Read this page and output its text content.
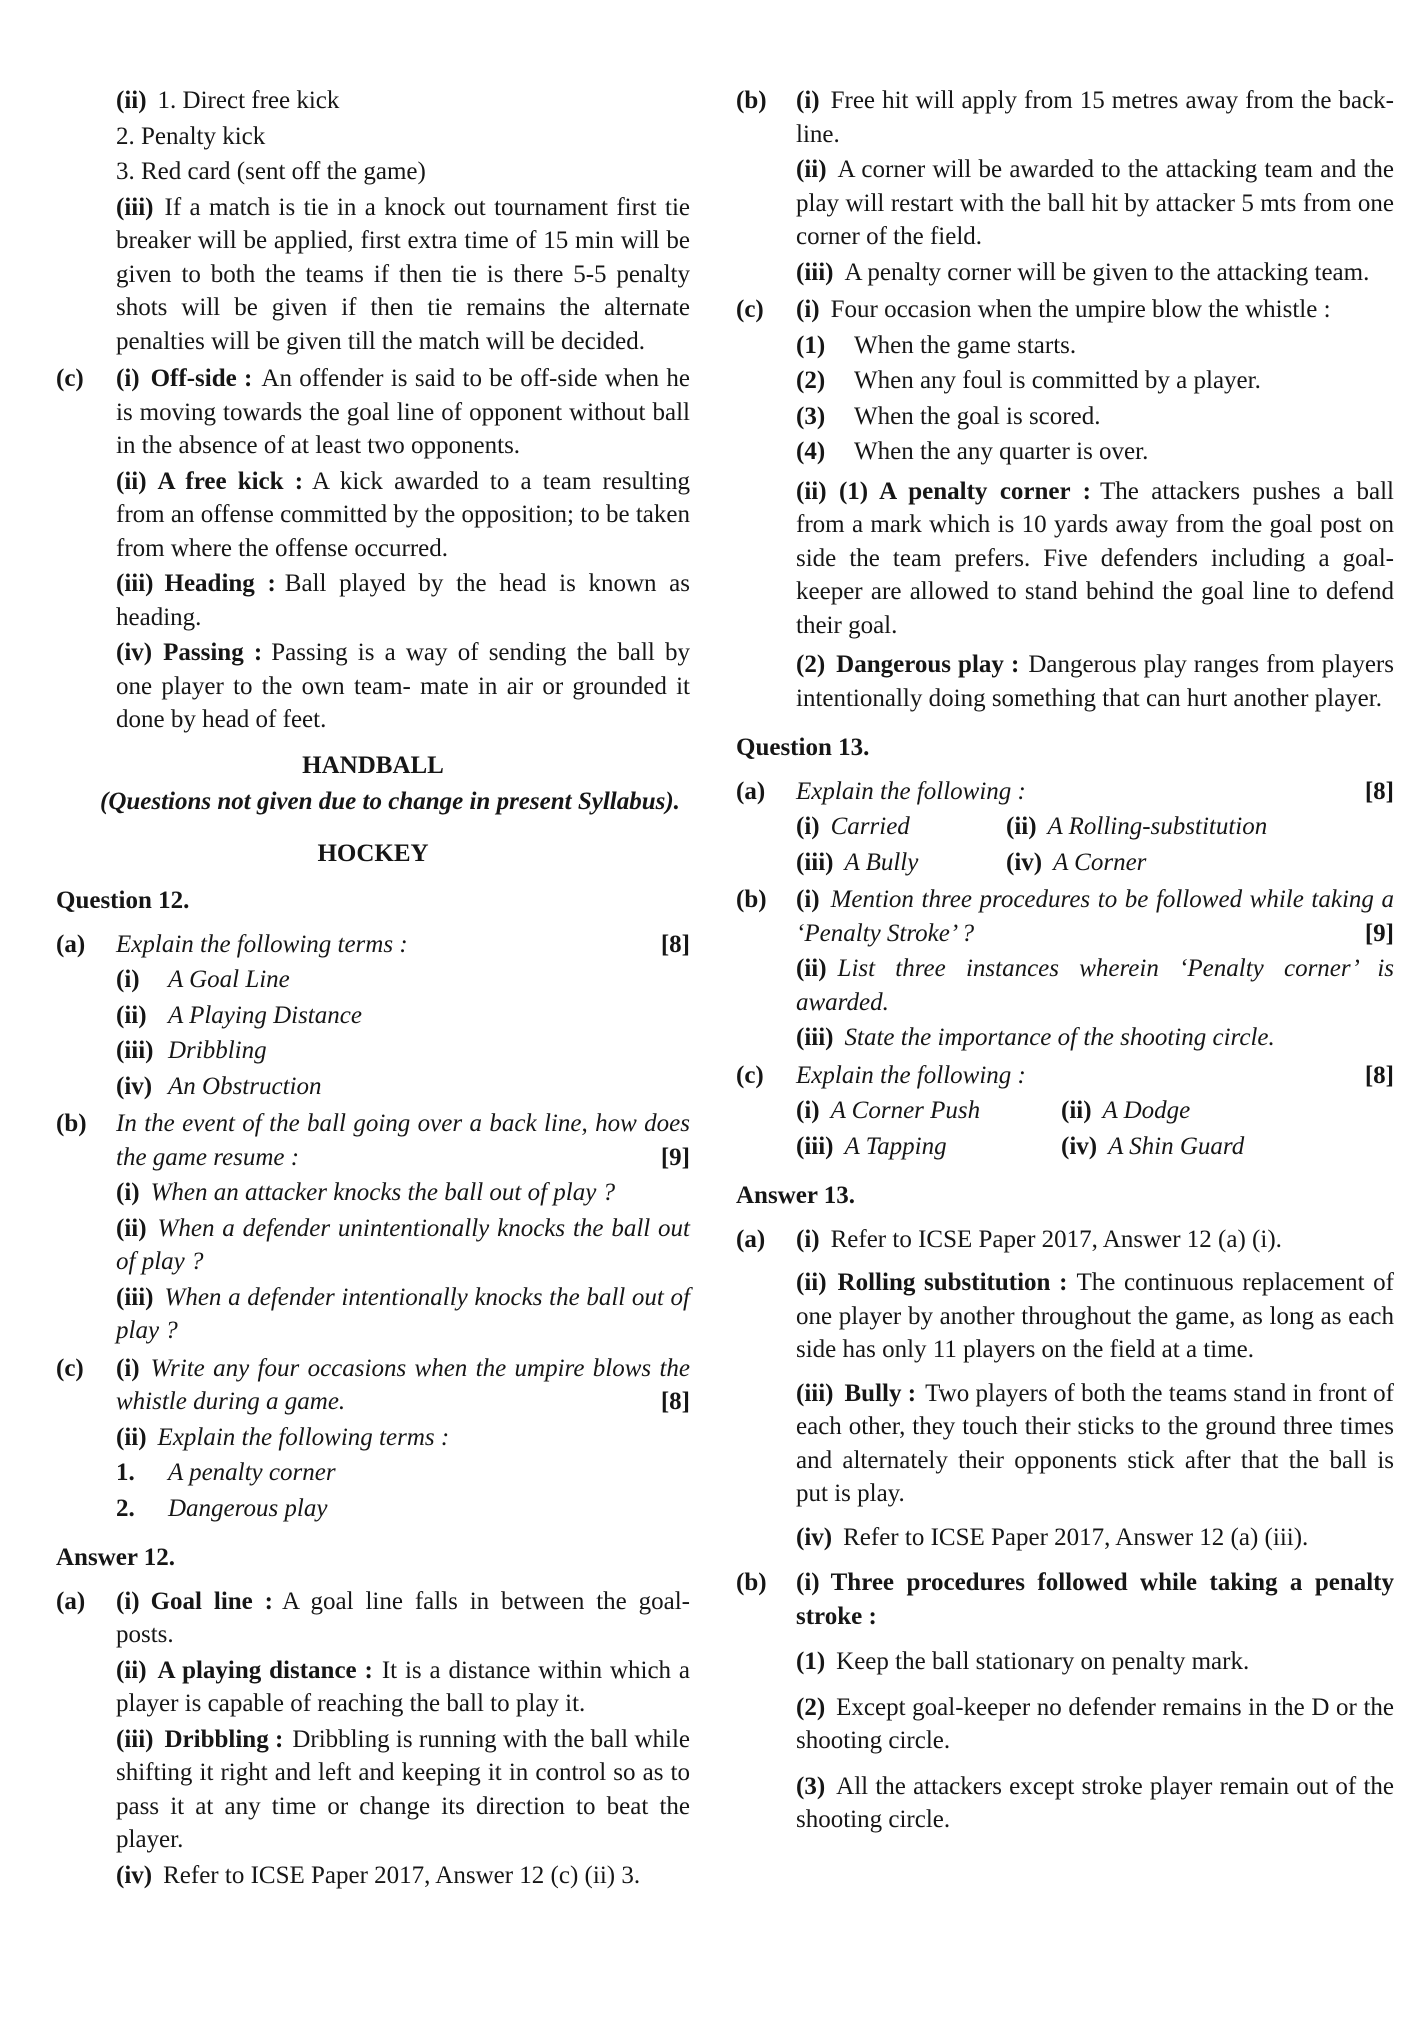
(ii) 1. Direct free kick

2. Penalty kick

3. Red card (sent off the game)

(iii) If a match is tie in a knock out tournament first tie breaker will be applied, first extra time of 15 min will be given to both the teams if then tie is there 5-5 penalty shots will be given if then tie remains the alternate penalties will be given till the match will be decided.

(c)	(i) Off-side : An offender is said to be off-side when he is moving towards the goal line of opponent without ball in the absence of at least two opponents.

(ii) A free kick : A kick awarded to a team resulting from an offense committed by the opposition; to be taken from where the offense occurred.

(iii) Heading : Ball played by the head is known as heading.

(iv) Passing : Passing is a way of sending the ball by one player to the own team- mate in air or grounded it done by head of feet.

HANDBALL
(Questions not given due to change in present Syllabus).
HOCKEY

Question 12.

(a)	Explain the following terms :	[8]
(i)	A Goal Line
(ii) A Playing Distance
(iii) Dribbling
(iv) An Obstruction
(b)	In the event of the ball going over a back line, how does the game resume :	[9]

(i) When an attacker knocks the ball out of play ?

(ii) When a defender unintentionally knocks the ball out of play ?

(iii) When a defender intentionally knocks the ball out of play ?

(c)	(i) Write any four occasions when the umpire blows the whistle during a game.	[8]

(ii) Explain the following terms :

1.	A penalty corner
2.	Dangerous play

Answer 12.

(a)	(i) Goal line : A goal line falls in between the goal-posts.

(ii) A playing distance : It is a distance within which a player is capable of reaching the ball to play it.

(iii) Dribbling : Dribbling is running with the ball while shifting it right and left and keeping it in control so as to pass it at any time or change its direction to beat the player.

(iv) Refer to ICSE Paper 2017, Answer 12 (c) (ii) 3.

(b)	(i) Free hit will apply from 15 metres away from the back-line.

(ii) A corner will be awarded to the attacking team and the play will restart with the ball hit by attacker 5 mts from one corner of the field.

(iii) A penalty corner will be given to the attacking team.

(c)	(i) Four occasion when the umpire blow the whistle :

(1)	When the game starts.
(2)	When any foul is committed by a player.
(3)	When the goal is scored.
(4)	When the any quarter is over.

(ii) (1) A penalty corner : The attackers pushes a ball from a mark which is 10 yards away from the goal post on side the team prefers. Five defenders including a goal-keeper are allowed to stand behind the goal line to defend their goal.

(2) Dangerous play : Dangerous play ranges from players intentionally doing something that can hurt another player.

Question 13.

(a)	Explain the following :	[8]
(i) Carried	(ii) A Rolling-substitution
(iii) A Bully	(iv) A Corner
(b)	(i) Mention three procedures to be followed while taking a ‘Penalty Stroke’ ?	[9]

(ii) List three instances wherein ‘Penalty corner’ is awarded.

(iii) State the importance of the shooting circle.

(c)	Explain the following :	[8]
(i) A Corner Push	(ii) A Dodge
(iii) A Tapping	(iv) A Shin Guard

Answer 13.

(a)	(i) Refer to ICSE Paper 2017, Answer 12 (a) (i).

(ii) Rolling substitution : The continuous replacement of one player by another throughout the game, as long as each side has only 11 players on the field at a time.

(iii) Bully : Two players of both the teams stand in front of each other, they touch their sticks to the ground three times and alternately their opponents stick after that the ball is put is play.

(iv) Refer to ICSE Paper 2017, Answer 12 (a) (iii).

(b)	(i) Three procedures followed while taking a penalty stroke :

(1) Keep the ball stationary on penalty mark.

(2) Except goal-keeper no defender remains in the D or the shooting circle.

(3) All the attackers except stroke player remain out of the shooting circle.
